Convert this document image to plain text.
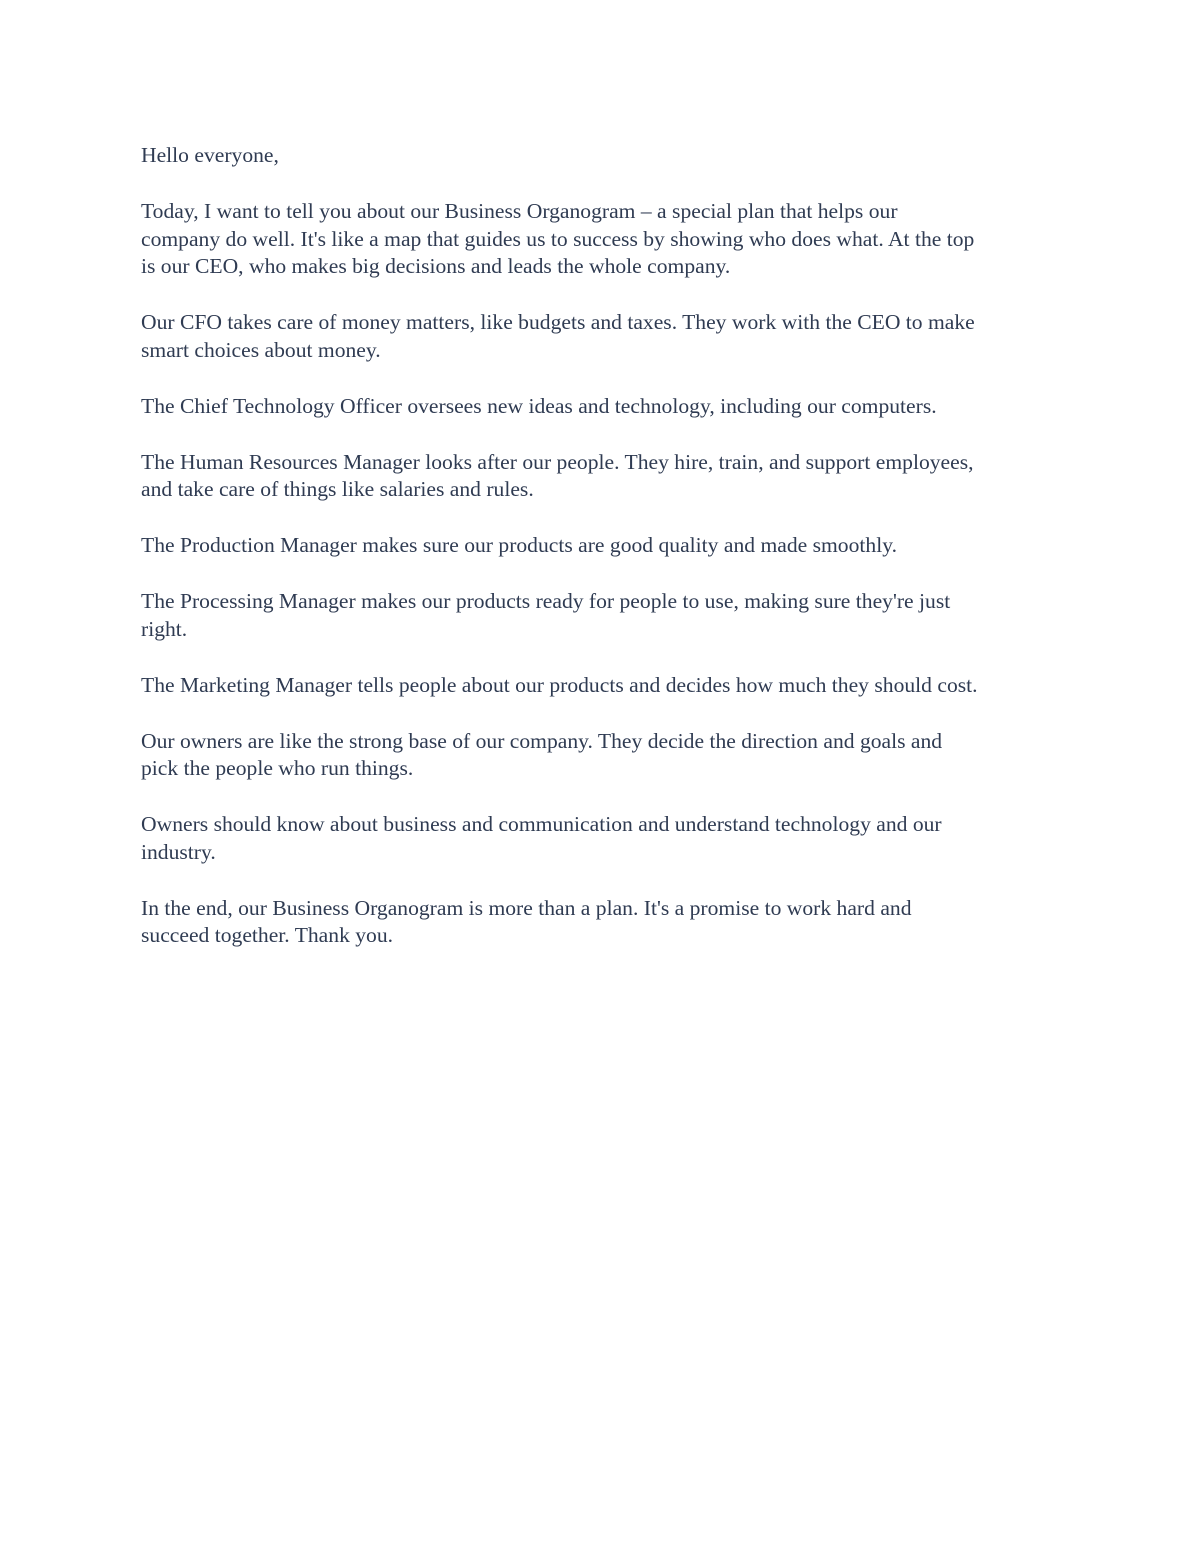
Hello everyone,

Today, I want to tell you about our Business Organogram – a special plan that helps our
company do well. It's like a map that guides us to success by showing who does what. At the top
is our CEO, who makes big decisions and leads the whole company.

Our CFO takes care of money matters, like budgets and taxes. They work with the CEO to make
smart choices about money.

The Chief Technology Officer oversees new ideas and technology, including our computers.

The Human Resources Manager looks after our people. They hire, train, and support employees,
and take care of things like salaries and rules.

The Production Manager makes sure our products are good quality and made smoothly.

The Processing Manager makes our products ready for people to use, making sure they're just
right.

The Marketing Manager tells people about our products and decides how much they should cost.

Our owners are like the strong base of our company. They decide the direction and goals and
pick the people who run things.

Owners should know about business and communication and understand technology and our
industry.

In the end, our Business Organogram is more than a plan. It's a promise to work hard and
succeed together. Thank you.
